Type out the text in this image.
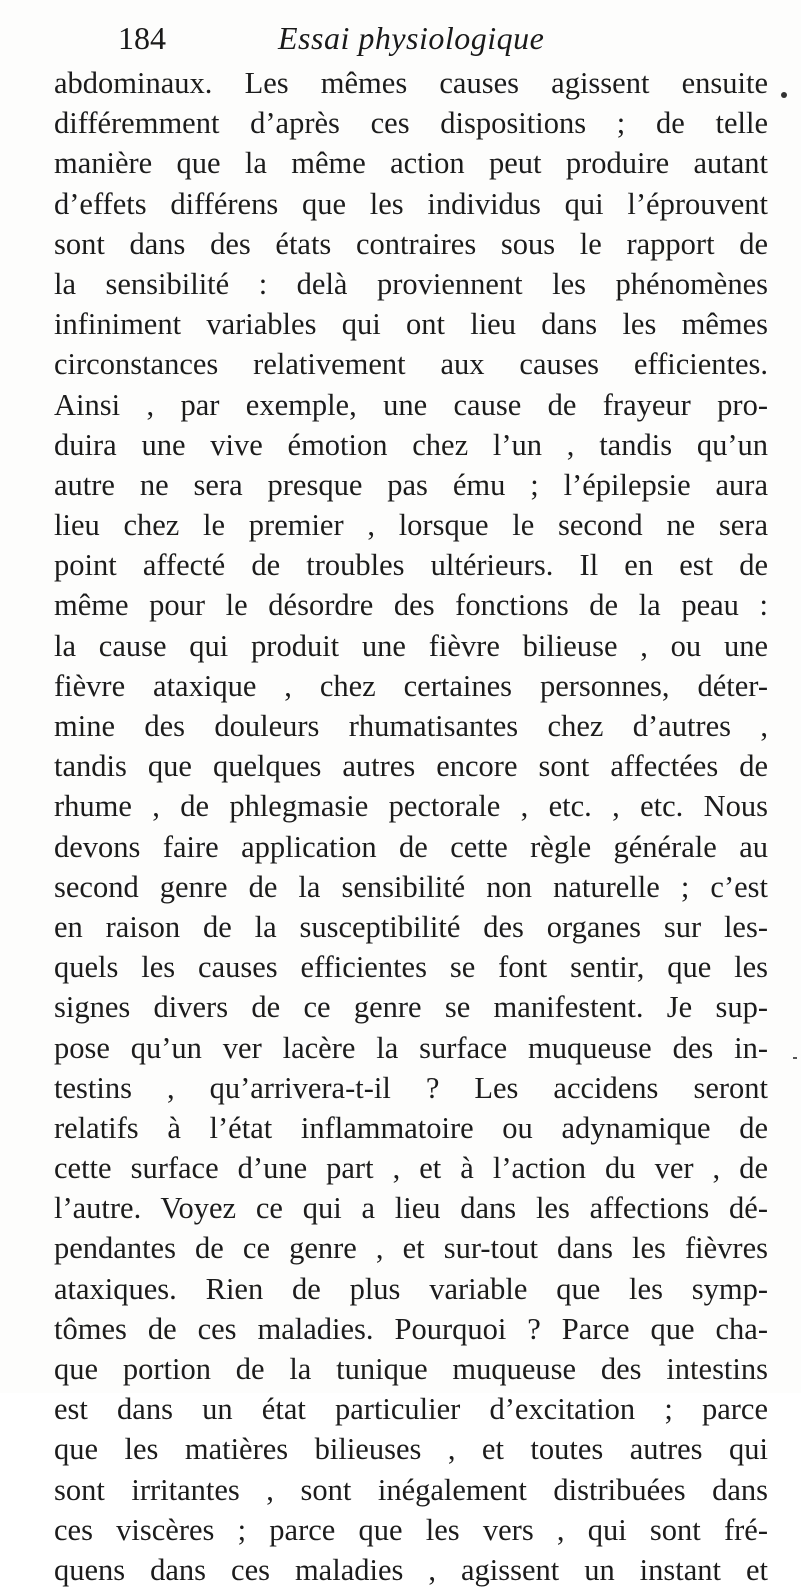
184	Essai physiologique
abdominaux. Les mêmes causes agissent ensuite
différemment d’après ces dispositions ; de telle
manière que la même action peut produire autant
d’effets différens que les individus qui l’éprouvent
sont dans des états contraires sous le rapport de
la sensibilité : delà proviennent les phénomènes
infiniment variables qui ont lieu dans les mêmes
circonstances relativement aux causes efficientes.
Ainsi , par exemple, une cause de frayeur pro-
duira une vive émotion chez l’un , tandis qu’un
autre ne sera presque pas ému ; l’épilepsie aura
lieu chez le premier , lorsque le second ne sera
point affecté de troubles ultérieurs. Il en est de
même pour le désordre des fonctions de la peau :
la cause qui produit une fièvre bilieuse , ou une
fièvre ataxique , chez certaines personnes, déter-
mine des douleurs rhumatisantes chez d’autres ,
tandis que quelques autres encore sont affectées de
rhume , de phlegmasie pectorale , etc. , etc. Nous
devons faire application de cette règle générale au
second genre de la sensibilité non naturelle ; c’est
en raison de la susceptibilité des organes sur les-
quels les causes efficientes se font sentir, que les
signes divers de ce genre se manifestent. Je sup-
pose qu’un ver lacère la surface muqueuse des in-
testins , qu’arrivera-t-il ? Les accidens seront
relatifs à l’état inflammatoire ou adynamique de
cette surface d’une part , et à l’action du ver , de
l’autre. Voyez ce qui a lieu dans les affections dé-
pendantes de ce genre , et sur-tout dans les fièvres
ataxiques. Rien de plus variable que les symp-
tômes de ces maladies. Pourquoi ? Parce que cha-
que portion de la tunique muqueuse des intestins
est dans un état particulier d’excitation ; parce
que les matières bilieuses , et toutes autres qui
sont irritantes , sont inégalement distribuées dans
ces viscères ; parce que les vers , qui sont fré-
quens dans ces maladies , agissent un instant et
